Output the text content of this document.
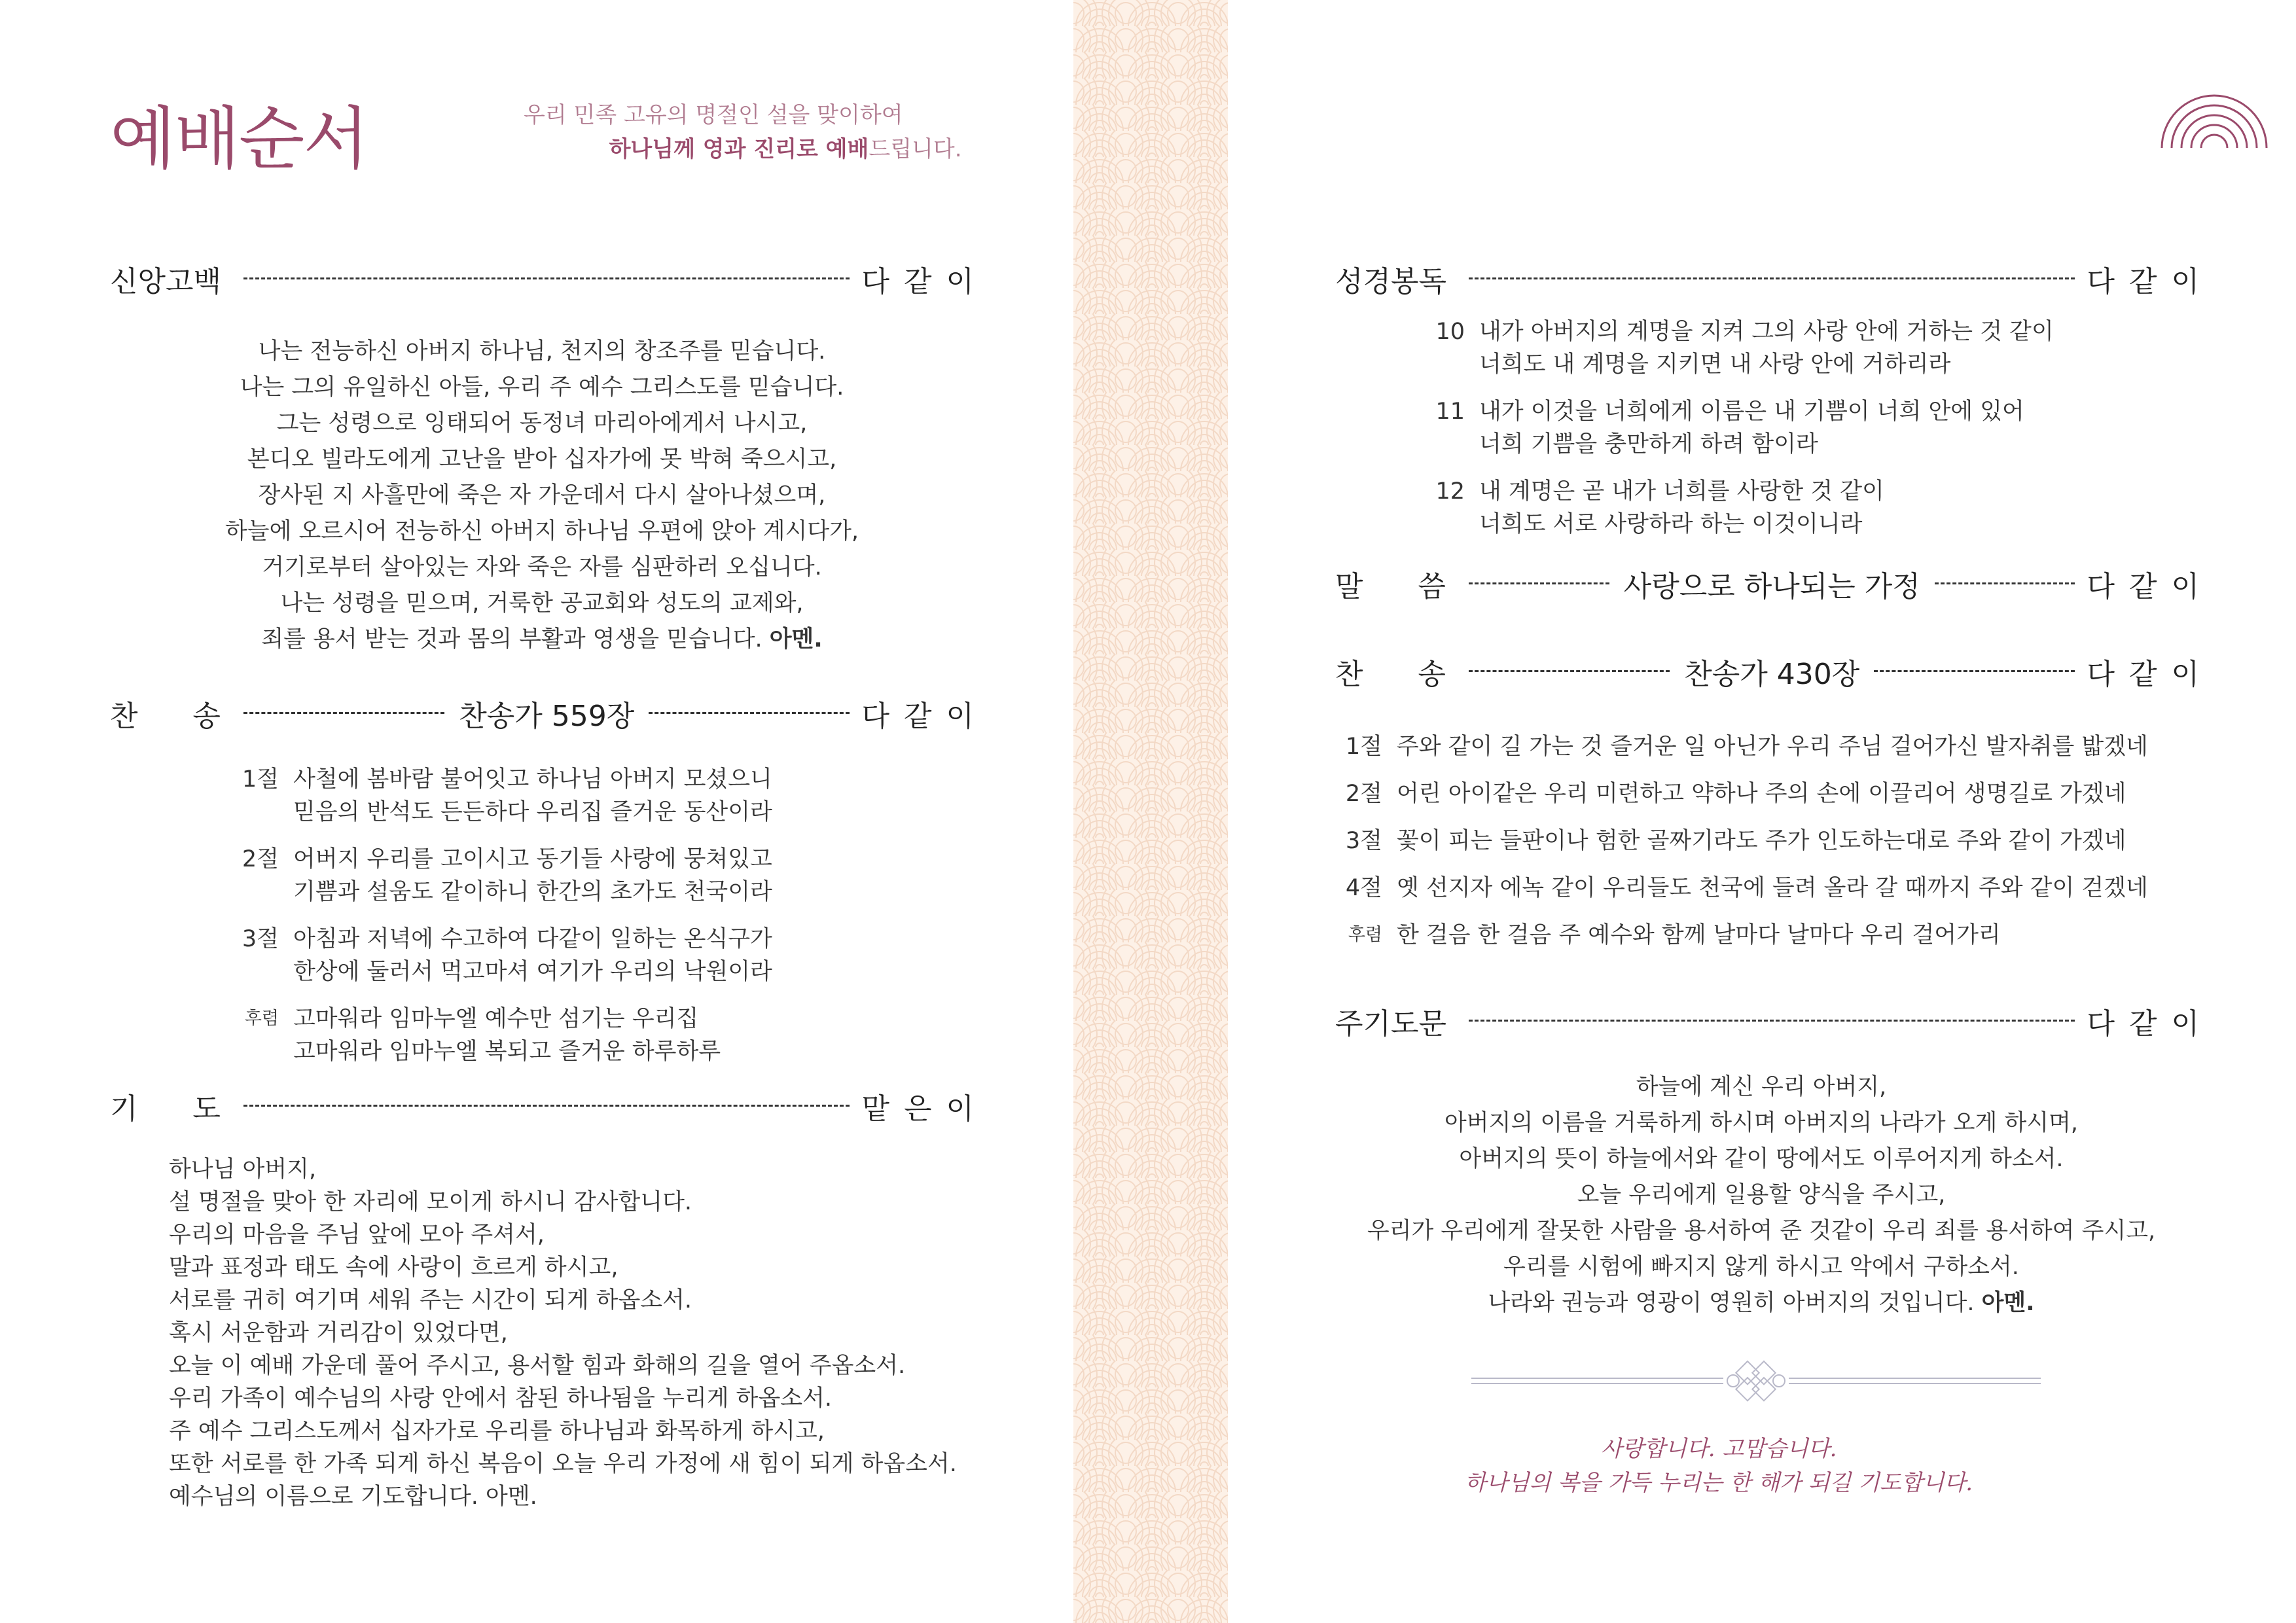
예배순서	우리 민족 고유의 명절인 설을 맞이하여
하나님께 영과 진리로 예배드립니다.
신앙고백	다같이
나는 전능하신 아버지 하나님, 천지의 창조주를 믿습니다.
나는 그의 유일하신 아들, 우리 주 예수 그리스도를 믿습니다.
그는 성령으로 잉태되어 동정녀 마리아에게서 나시고,
본디오 빌라도에게 고난을 받아 십자가에 못 박혀 죽으시고,
장사된 지 사흘만에 죽은 자 가운데서 다시 살아나셨으며,
하늘에 오르시어 전능하신 아버지 하나님 우편에 앉아 계시다가,
거기로부터 살아있는 자와 죽은 자를 심판하러 오십니다.
나는 성령을 믿으며, 거룩한 공교회와 성도의 교제와,
죄를 용서 받는 것과 몸의 부활과 영생을 믿습니다. 아멘.
찬      송	찬송가 559장	다같이
1절 사철에 봄바람 불어잇고 하나님 아버지 모셨으니
믿음의 반석도 든든하다 우리집 즐거운 동산이라
2절 어버지 우리를 고이시고 동기들 사랑에 뭉쳐있고
기쁨과 설움도 같이하니 한간의 초가도 천국이라
3절 아침과 저녁에 수고하여 다같이 일하는 온식구가
한상에 둘러서 먹고마셔 여기가 우리의 낙원이라
후렴 고마워라 임마누엘 예수만 섬기는 우리집
고마워라 임마누엘 복되고 즐거운 하루하루
기      도	맡은이
하나님 아버지,
설 명절을 맞아 한 자리에 모이게 하시니 감사합니다.
우리의 마음을 주님 앞에 모아 주셔서,
말과 표정과 태도 속에 사랑이 흐르게 하시고,
서로를 귀히 여기며 세워 주는 시간이 되게 하옵소서.
혹시 서운함과 거리감이 있었다면,
오늘 이 예배 가운데 풀어 주시고, 용서할 힘과 화해의 길을 열어 주옵소서.
우리 가족이 예수님의 사랑 안에서 참된 하나됨을 누리게 하옵소서.
주 예수 그리스도께서 십자가로 우리를 하나님과 화목하게 하시고,
또한 서로를 한 가족 되게 하신 복음이 오늘 우리 가정에 새 힘이 되게 하옵소서.
예수님의 이름으로 기도합니다. 아멘.
성경봉독	다같이
10 내가 아버지의 계명을 지켜 그의 사랑 안에 거하는 것 같이
너희도 내 계명을 지키면 내 사랑 안에 거하리라
11 내가 이것을 너희에게 이름은 내 기쁨이 너희 안에 있어
너희 기쁨을 충만하게 하려 함이라
12 내 계명은 곧 내가 너희를 사랑한 것 같이
너희도 서로 사랑하라 하는 이것이니라
말      씀	사랑으로 하나되는 가정	다같이
찬      송	찬송가 430장	다같이
1절 주와 같이 길 가는 것 즐거운 일 아닌가 우리 주님 걸어가신 발자취를 밟겠네
2절 어린 아이같은 우리 미련하고 약하나 주의 손에 이끌리어 생명길로 가겠네
3절 꽃이 피는 들판이나 험한 골짜기라도 주가 인도하는대로 주와 같이 가겠네
4절 옛 선지자 에녹 같이 우리들도 천국에 들려 올라 갈 때까지 주와 같이 걷겠네
후렴 한 걸음 한 걸음 주 예수와 함께 날마다 날마다 우리 걸어가리
주기도문	다같이
하늘에 계신 우리 아버지,
아버지의 이름을 거룩하게 하시며 아버지의 나라가 오게 하시며,
아버지의 뜻이 하늘에서와 같이 땅에서도 이루어지게 하소서.
오늘 우리에게 일용할 양식을 주시고,
우리가 우리에게 잘못한 사람을 용서하여 준 것같이 우리 죄를 용서하여 주시고,
우리를 시험에 빠지지 않게 하시고 악에서 구하소서.
나라와 권능과 영광이 영원히 아버지의 것입니다. 아멘.
사랑합니다. 고맙습니다.
하나님의 복을 가득 누리는 한 해가 되길 기도합니다.
